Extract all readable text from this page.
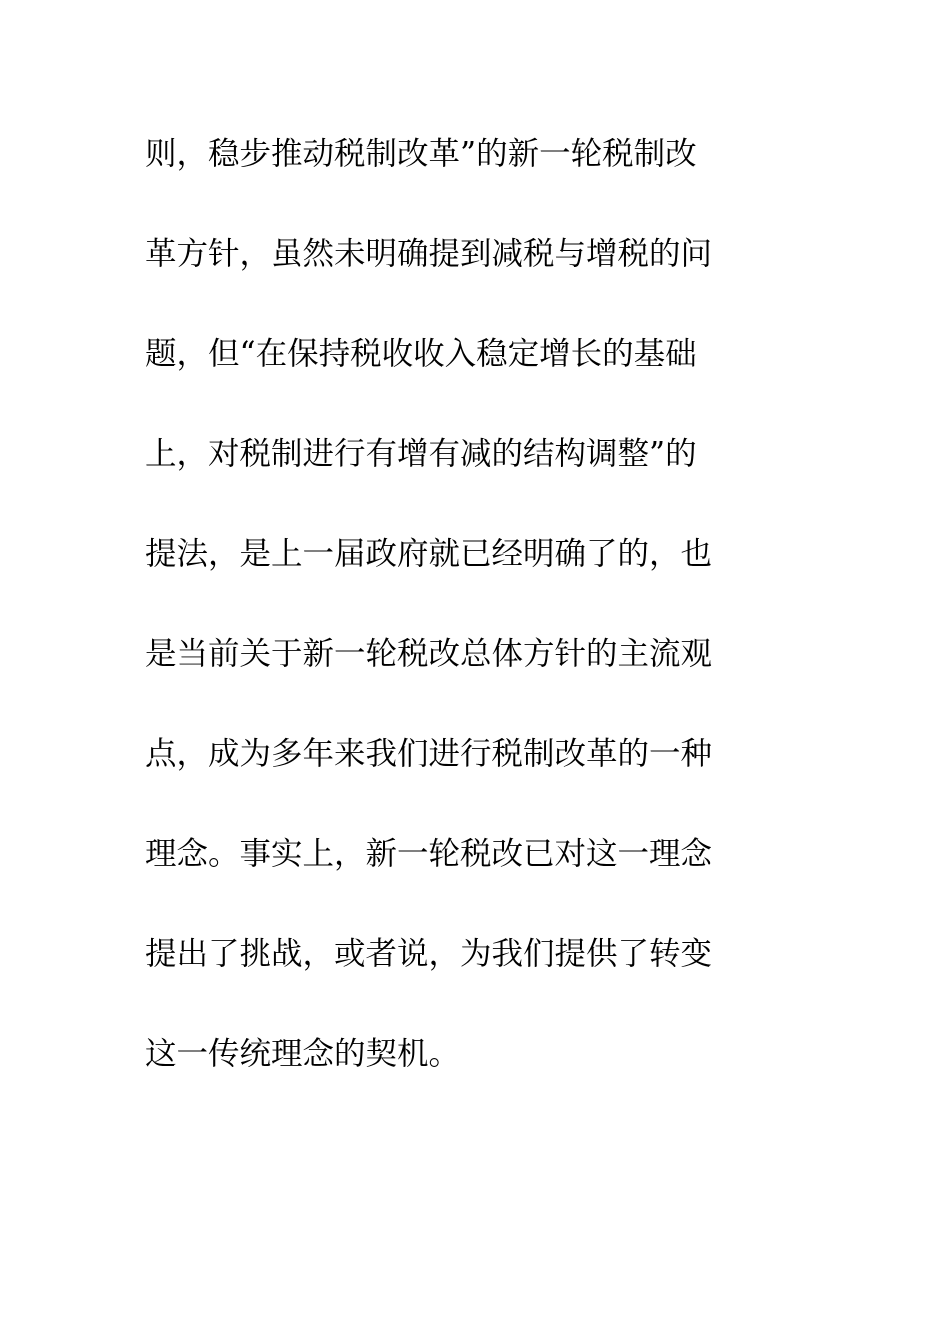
则，稳步推动税制改革”的新一轮税制改
革方针，虽然未明确提到减税与增税的问
题，但“在保持税收收入稳定增长的基础
上，对税制进行有增有减的结构调整”的
提法，是上一届政府就已经明确了的，也
是当前关于新一轮税改总体方针的主流观
点，成为多年来我们进行税制改革的一种
理念。事实上，新一轮税改已对这一理念
提出了挑战，或者说，为我们提供了转变
这一传统理念的契机。
